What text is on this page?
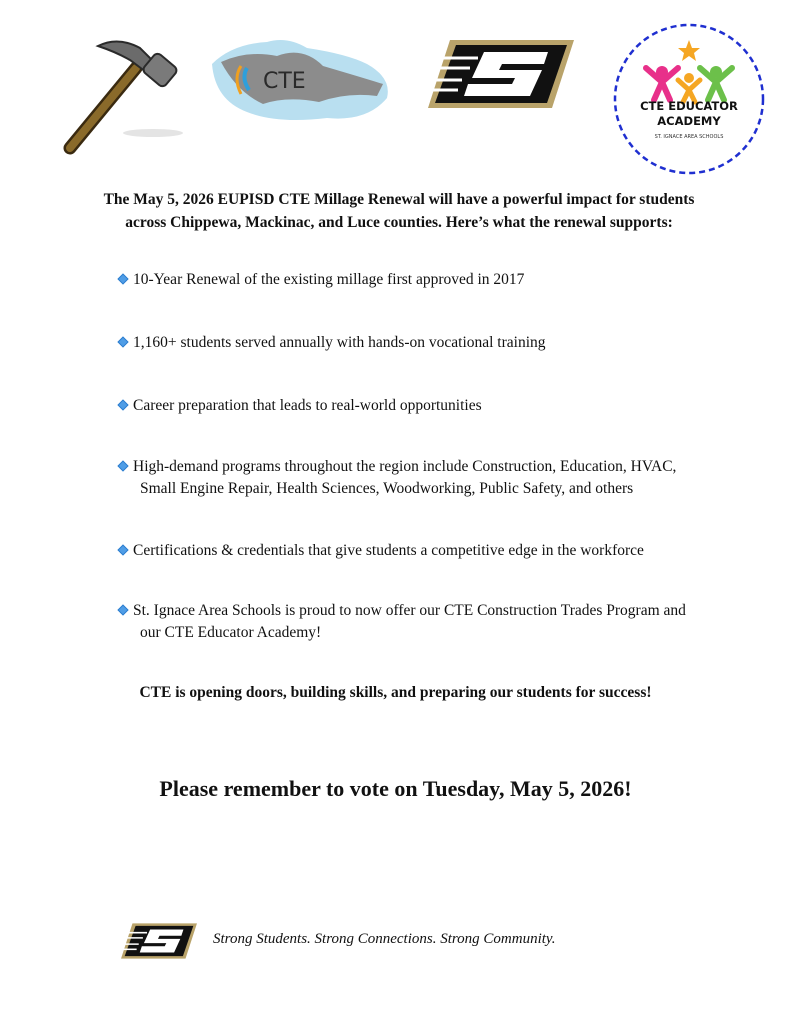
CTE
CTE EDUCATOR
ACADEMY
ST. IGNACE AREA SCHOOLS
The May 5, 2026 EUPISD CTE Millage Renewal will have a powerful impact for students
across Chippewa, Mackinac, and Luce counties. Here’s what the renewal supports:
10-Year Renewal of the existing millage first approved in 2017
1,160+ students served annually with hands-on vocational training
Career preparation that leads to real-world opportunities
High-demand programs throughout the region include Construction, Education, HVAC,
Small Engine Repair, Health Sciences, Woodworking, Public Safety, and others
Certifications & credentials that give students a competitive edge in the workforce
St. Ignace Area Schools is proud to now offer our CTE Construction Trades Program and
our CTE Educator Academy!
CTE is opening doors, building skills, and preparing our students for success!
Please remember to vote on Tuesday, May 5, 2026!
Strong Students. Strong Connections. Strong Community.
